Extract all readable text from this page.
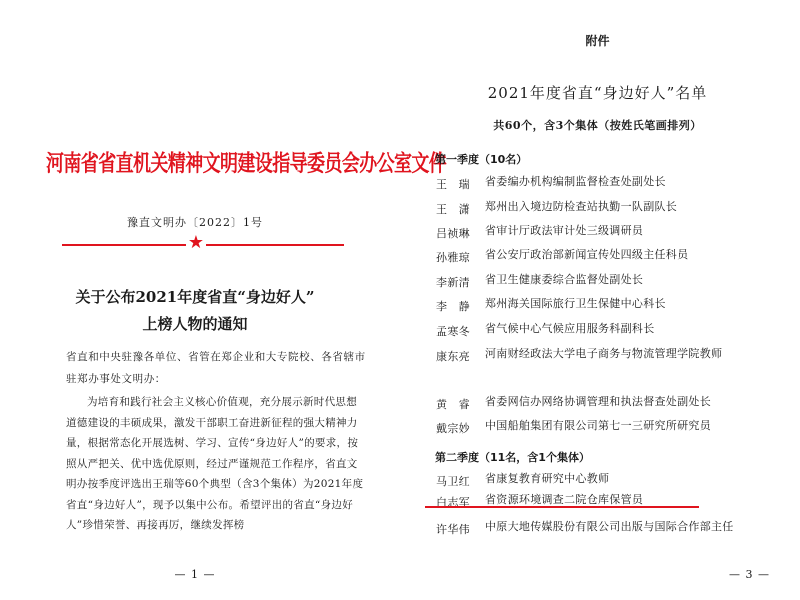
河南省省直机关精神文明建设指导委员会办公室文件
豫直文明办〔2022〕1号
★
关于公布2021年度省直“身边好人”
上榜人物的通知
省直和中央驻豫各单位、省管在郑企业和大专院校、各省辖市驻郑办事处文明办：
为培育和践行社会主义核心价值观，充分展示新时代思想道德建设的丰硕成果，激发干部职工奋进新征程的强大精神力量，根据常态化开展选树、学习、宣传“身边好人”的要求，按照从严把关、优中选优原则，经过严谨规范工作程序，省直文明办按季度评选出王瑞等60个典型（含3个集体）为2021年度省直“身边好人”，现予以集中公布。希望评出的省直“身边好人”珍惜荣誉、再接再厉，继续发挥榜
— 1 —
附件
2021年度省直“身边好人”名单
共60个，含3个集体（按姓氏笔画排列）
第一季度（10名）
王　瑞	省委编办机构编制监督检查处副处长
王　潇	郑州出入境边防检查站执勤一队副队长
吕祯琳	省审计厅政法审计处三级调研员
孙雅琼	省公安厅政治部新闻宣传处四级主任科员
李新清	省卫生健康委综合监督处副处长
李　静	郑州海关国际旅行卫生保健中心科长
孟寒冬	省气候中心气候应用服务科副科长
康东亮	河南财经政法大学电子商务与物流管理学院教师
黄　睿	省委网信办网络协调管理和执法督查处副处长
戴宗妙	中国船舶集团有限公司第七一三研究所研究员
第二季度（11名，含1个集体）
马卫红	省康复教育研究中心教师
白志军	省资源环境调查二院仓库保管员
许华伟	中原大地传媒股份有限公司出版与国际合作部主任
— 3 —
